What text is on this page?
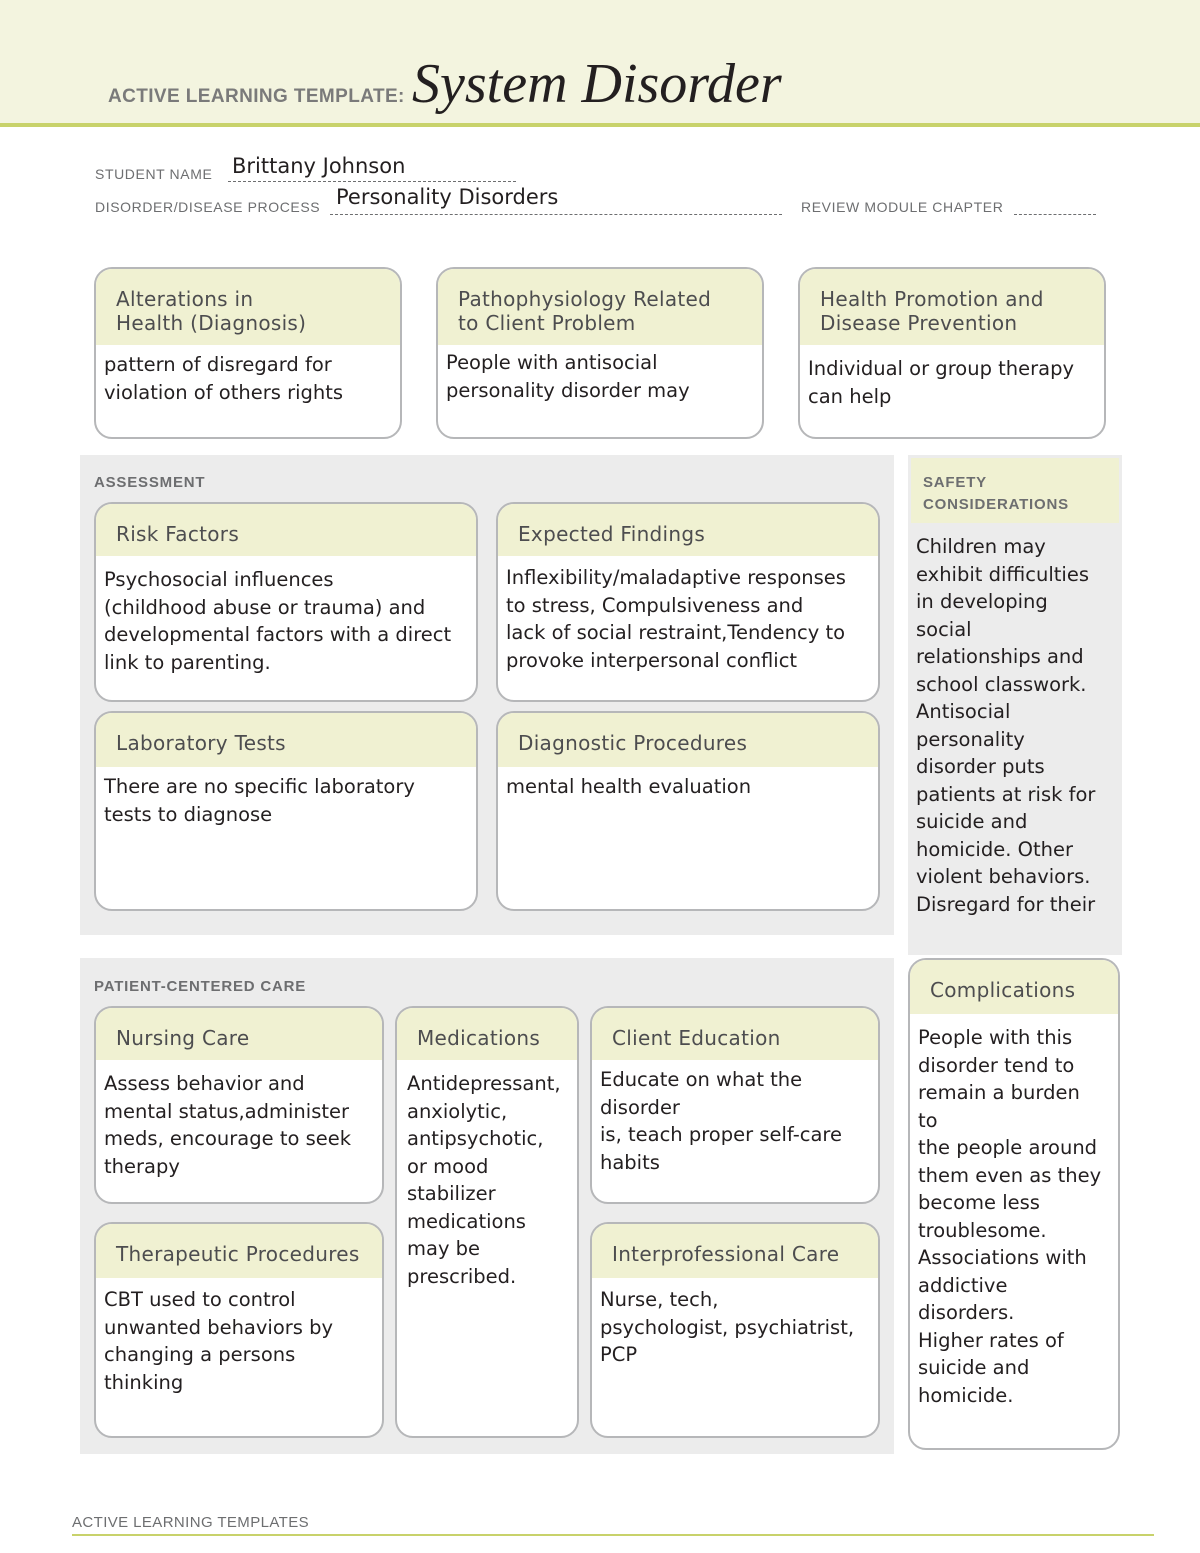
ACTIVE LEARNING TEMPLATE: System Disorder
STUDENT NAME Brittany Johnson
DISORDER/DISEASE PROCESS Personality Disorders	REVIEW MODULE CHAPTER
Alterations in
Health (Diagnosis)
pattern of disregard for
violation of others rights
Pathophysiology Related
to Client Problem
People with antisocial
personality disorder may
Health Promotion and
Disease Prevention
Individual or group therapy
can help
ASSESSMENT
Risk Factors
Psychosocial influences
(childhood abuse or trauma) and
developmental factors with a direct
link to parenting.
Expected Findings
Inflexibility/maladaptive responses
to stress, Compulsiveness and
lack of social restraint,Tendency to
provoke interpersonal conflict
Laboratory Tests
There are no specific laboratory
tests to diagnose
Diagnostic Procedures
mental health evaluation
SAFETY
CONSIDERATIONS
Children may
exhibit difficulties
in developing
social
relationships and
school classwork.
Antisocial
personality
disorder puts
patients at risk for
suicide and
homicide. Other
violent behaviors.
Disregard for their
PATIENT-CENTERED CARE
Nursing Care
Assess behavior and
mental status,administer
meds, encourage to seek
therapy
Medications
Antidepressant,
anxiolytic,
antipsychotic,
or mood
stabilizer
medications
may be
prescribed.
Client Education
Educate on what the
disorder
is, teach proper self-care
habits
Therapeutic Procedures
CBT used to control
unwanted behaviors by
changing a persons
thinking
Interprofessional Care
Nurse, tech,
psychologist, psychiatrist,
PCP
Complications
People with this
disorder tend to
remain a burden
to
the people around
them even as they
become less
troublesome.
Associations with
addictive
disorders.
Higher rates of
suicide and
homicide.
ACTIVE LEARNING TEMPLATES
